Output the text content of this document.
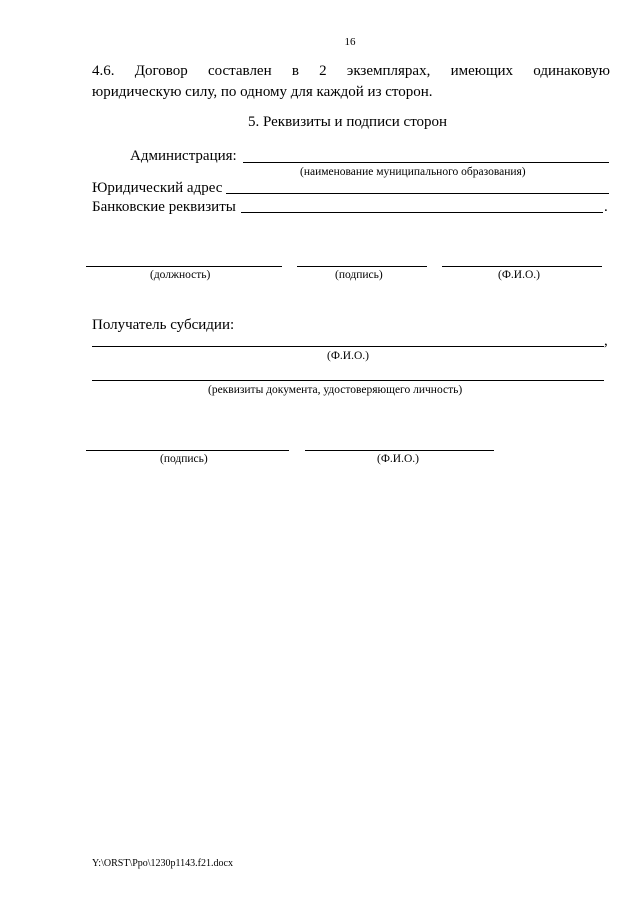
16
4.6. Договор составлен в 2 экземплярах, имеющих одинаковую
юридическую силу, по одному для каждой из сторон.
5. Реквизиты и подписи сторон
Администрация:
(наименование муниципального образования)
Юридический адрес
Банковские реквизиты	.
(должность)	(подпись)	(Ф.И.О.)
Получатель субсидии:
,
(Ф.И.О.)
(реквизиты документа, удостоверяющего личность)
(подпись)	(Ф.И.О.)
Y:\ORST\Ppo\1230p1143.f21.docx
